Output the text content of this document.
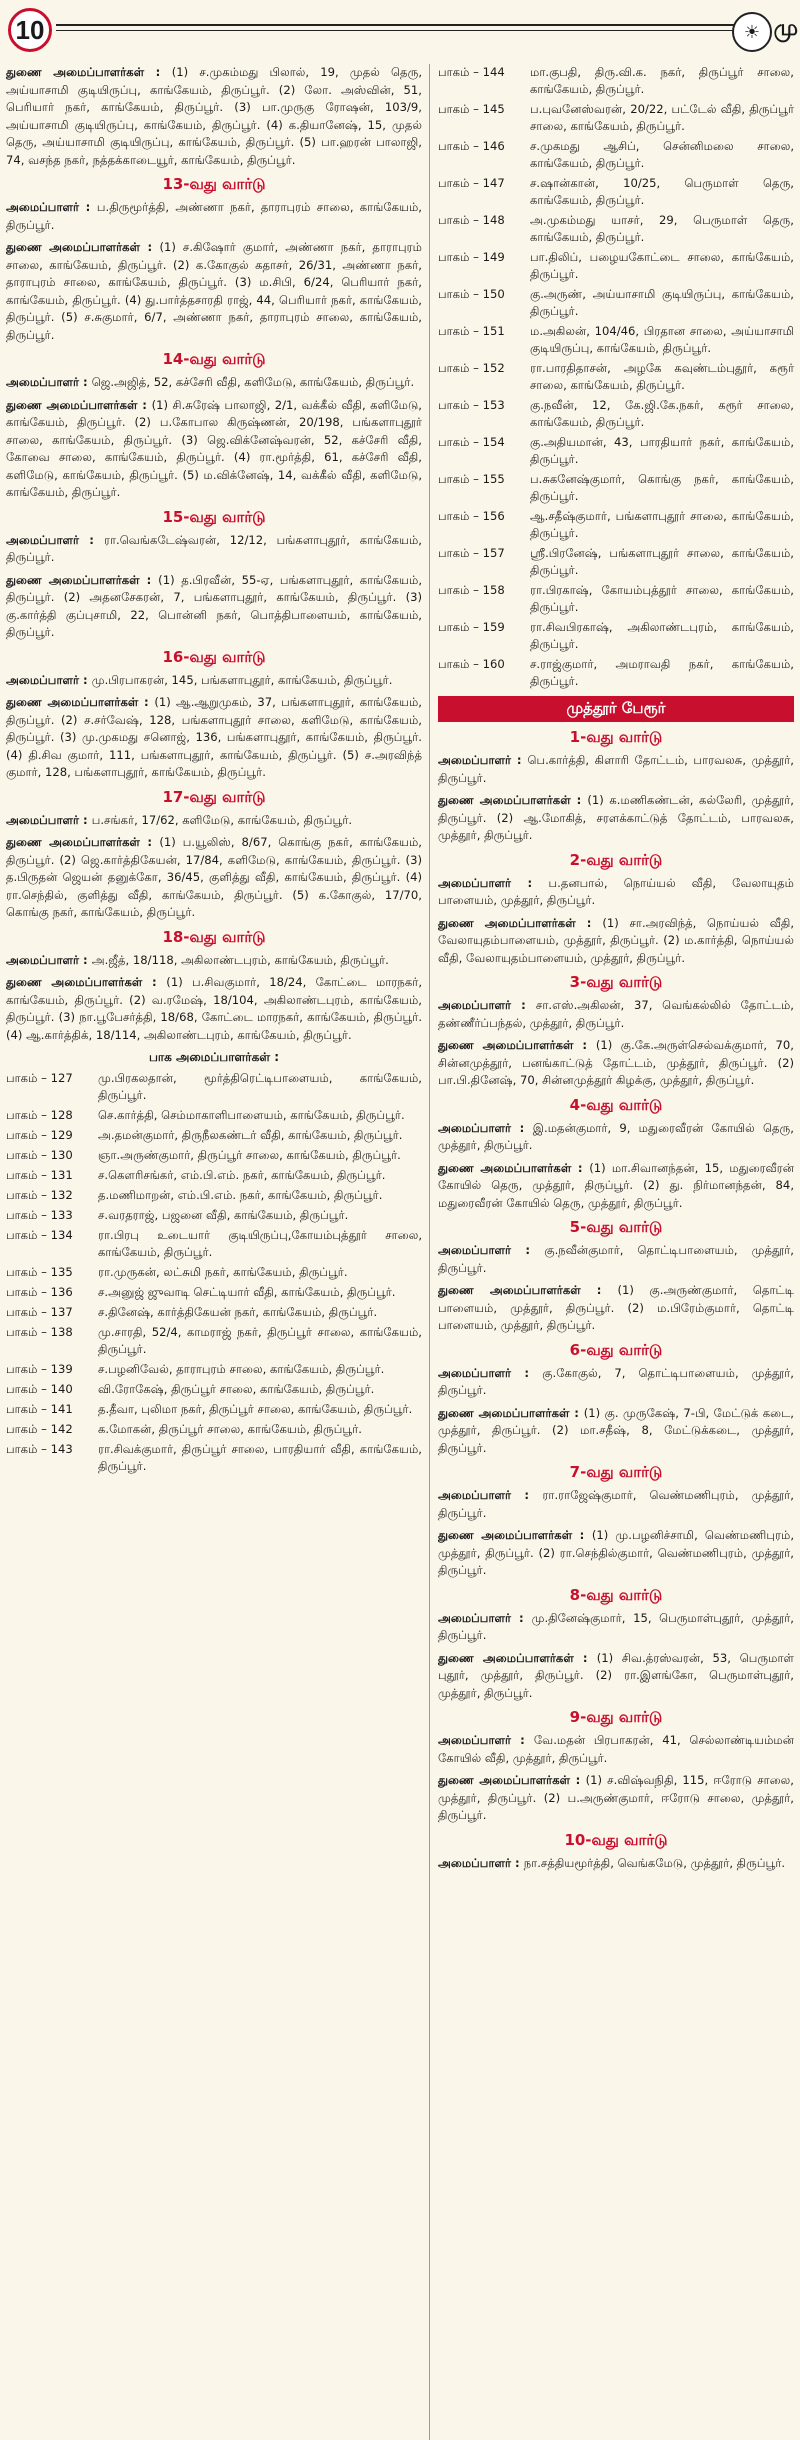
10	☀ மு

துணை அமைப்பாளர்கள் : (1) ச.முகம்மது பிலால், 19, முதல் தெரு, அய்யாசாமி குடியிருப்பு, காங்கேயம், திருப்பூர். (2) லோ. அஸ்வின், 51, பெரியார் நகர், காங்கேயம், திருப்பூர். (3) பா.முருகு ரோஷன், 103/9, அய்யாசாமி குடியிருப்பு, காங்கேயம், திருப்பூர். (4) க.தியானேஷ், 15, முதல் தெரு, அய்யாசாமி குடியிருப்பு, காங்கேயம், திருப்பூர். (5) பா.ஹரன் பாலாஜி, 74, வசந்த நகர், நத்தக்காடையூர், காங்கேயம், திருப்பூர்.

13-வது வார்டு

அமைப்பாளர் : ப.திருமூர்த்தி, அண்ணா நகர், தாராபுரம் சாலை, காங்கேயம், திருப்பூர்.

துணை அமைப்பாளர்கள் : (1) ச.கிஷோர் குமார், அண்ணா நகர், தாராபுரம் சாலை, காங்கேயம், திருப்பூர். (2) க.கோகுல் கதாசர், 26/31, அண்ணா நகர், தாராபுரம் சாலை, காங்கேயம், திருப்பூர். (3) ம.சிபி, 6/24, பெரியார் நகர், காங்கேயம், திருப்பூர். (4) து.பார்த்தசாரதி ராஜ், 44, பெரியார் நகர், காங்கேயம், திருப்பூர். (5) ச.சுகுமார், 6/7, அண்ணா நகர், தாராபுரம் சாலை, காங்கேயம், திருப்பூர்.

14-வது வார்டு

அமைப்பாளர் : ஜெ.அஜித், 52, கச்சேரி வீதி, களிமேடு, காங்கேயம், திருப்பூர்.

துணை அமைப்பாளர்கள் : (1) சி.சுரேஷ் பாலாஜி, 2/1, வக்கீல் வீதி, களிமேடு, காங்கேயம், திருப்பூர். (2) ப.கோபால கிருஷ்ணன், 20/198, பங்களாபுதூர் சாலை, காங்கேயம், திருப்பூர். (3) ஜெ.விக்னேஷ்வரன், 52, கச்சேரி வீதி, கோவை சாலை, காங்கேயம், திருப்பூர். (4) ரா.மூர்த்தி, 61, கச்சேரி வீதி, களிமேடு, காங்கேயம், திருப்பூர். (5) ம.விக்னேஷ், 14, வக்கீல் வீதி, களிமேடு, காங்கேயம், திருப்பூர்.

15-வது வார்டு

அமைப்பாளர் : ரா.வெங்கடேஷ்வரன், 12/12, பங்களாபுதூர், காங்கேயம், திருப்பூர்.

துணை அமைப்பாளர்கள் : (1) த.பிரவீன், 55-ஏ, பங்களாபுதூர், காங்கேயம், திருப்பூர். (2) அதனசேகரன், 7, பங்களாபுதூர், காங்கேயம், திருப்பூர். (3) கு.கார்த்தி குப்புசாமி, 22, பொன்னி நகர், பொத்திபாளையம், காங்கேயம், திருப்பூர்.

16-வது வார்டு

அமைப்பாளர் : மு.பிரபாகரன், 145, பங்களாபுதூர், காங்கேயம், திருப்பூர்.

துணை அமைப்பாளர்கள் : (1) ஆ.ஆறுமுகம், 37, பங்களாபுதூர், காங்கேயம், திருப்பூர். (2) ச.சர்வேஷ், 128, பங்களாபுதூர் சாலை, களிமேடு, காங்கேயம், திருப்பூர். (3) மு.முகமது சனொஜ், 136, பங்களாபுதூர், காங்கேயம், திருப்பூர். (4) தி.சிவ குமார், 111, பங்களாபுதூர், காங்கேயம், திருப்பூர். (5) ச.அரவிந்த் குமார், 128, பங்களாபுதூர், காங்கேயம், திருப்பூர்.

17-வது வார்டு

அமைப்பாளர் : ப.சங்கர், 17/62, களிமேடு, காங்கேயம், திருப்பூர்.

துணை அமைப்பாளர்கள் : (1) ப.யூலிஸ், 8/67, கொங்கு நகர், காங்கேயம், திருப்பூர். (2) ஜெ.கார்த்திகேயன், 17/84, களிமேடு, காங்கேயம், திருப்பூர். (3) த.பிருதன் ஜெயன் தனுக்கோ, 36/45, குளித்து வீதி, காங்கேயம், திருப்பூர். (4) ரா.செந்தில், குளித்து வீதி, காங்கேயம், திருப்பூர். (5) க.கோகுல், 17/70, கொங்கு நகர், காங்கேயம், திருப்பூர்.

18-வது வார்டு

அமைப்பாளர் : அ.ஜீத், 18/118, அகிலாண்டபுரம், காங்கேயம், திருப்பூர்.

துணை அமைப்பாளர்கள் : (1) ப.சிவகுமார், 18/24, கோட்டை மாரநகர், காங்கேயம், திருப்பூர். (2) வ.ரமேஷ், 18/104, அகிலாண்டபுரம், காங்கேயம், திருப்பூர். (3) நா.பூபேசர்த்தி, 18/68, கோட்டை மாரநகர், காங்கேயம், திருப்பூர். (4) ஆ.கார்த்திக், 18/114, அகிலாண்டபுரம், காங்கேயம், திருப்பூர்.

பாக அமைப்பாளர்கள் :
பாகம் – 127	மு.பிரகலதான், மூர்த்திரெட்டிபாளையம், காங்கேயம், திருப்பூர்.
பாகம் – 128	செ.கார்த்தி, செம்மாகாளிபாளையம், காங்கேயம், திருப்பூர்.
பாகம் – 129	அ.தமன்குமார், திருநீலகண்டர் வீதி, காங்கேயம், திருப்பூர்.
பாகம் – 130	ஞா.அருண்குமார், திருப்பூர் சாலை, காங்கேயம், திருப்பூர்.
பாகம் – 131	ச.கௌரிசங்கர், எம்.பி.எம். நகர், காங்கேயம், திருப்பூர்.
பாகம் – 132	த.மணிமாறன், எம்.பி.எம். நகர், காங்கேயம், திருப்பூர்.
பாகம் – 133	ச.வரதராஜ், பஜனை வீதி, காங்கேயம், திருப்பூர்.
பாகம் – 134	ரா.பிரபு உடையார் குடியிருப்பு,கோயம்புத்தூர் சாலை, காங்கேயம், திருப்பூர்.
பாகம் – 135	ரா.முருகன், லட்சுமி நகர், காங்கேயம், திருப்பூர்.
பாகம் – 136	ச.அனுஜ் ஜுவாடி செட்டியார் வீதி, காங்கேயம், திருப்பூர்.
பாகம் – 137	ச.தினேஷ், கார்த்திகேயன் நகர், காங்கேயம், திருப்பூர்.
பாகம் – 138	மு.சாரதி, 52/4, காமராஜ் நகர், திருப்பூர் சாலை, காங்கேயம், திருப்பூர்.
பாகம் – 139	ச.பழனிவேல், தாராபுரம் சாலை, காங்கேயம், திருப்பூர்.
பாகம் – 140	வி.ரோகேஷ், திருப்பூர் சாலை, காங்கேயம், திருப்பூர்.
பாகம் – 141	த.தீவா, புலிமா நகர், திருப்பூர் சாலை, காங்கேயம், திருப்பூர்.
பாகம் – 142	க.மோகன், திருப்பூர் சாலை, காங்கேயம், திருப்பூர்.
பாகம் – 143	ரா.சிவக்குமார், திருப்பூர் சாலை, பாரதியார் வீதி, காங்கேயம், திருப்பூர்.
பாகம் – 144	மா.குபதி, திரு.வி.க. நகர், திருப்பூர் சாலை, காங்கேயம், திருப்பூர்.
பாகம் – 145	ப.புவனேஸ்வரன், 20/22, பட்டேல் வீதி, திருப்பூர் சாலை, காங்கேயம், திருப்பூர்.
பாகம் – 146	ச.முகமது ஆசிப், சென்னிமலை சாலை, காங்கேயம், திருப்பூர்.
பாகம் – 147	ச.ஷான்கான், 10/25, பெருமாள் தெரு, காங்கேயம், திருப்பூர்.
பாகம் – 148	அ.முகம்மது யாசர், 29, பெருமாள் தெரு, காங்கேயம், திருப்பூர்.
பாகம் – 149	பா.திலிப், பழையகோட்டை சாலை, காங்கேயம், திருப்பூர்.
பாகம் – 150	கு.அருண், அய்யாசாமி குடியிருப்பு, காங்கேயம், திருப்பூர்.
பாகம் – 151	ம.அகிலன், 104/46, பிரதான சாலை, அய்யாசாமி குடியிருப்பு, காங்கேயம், திருப்பூர்.
பாகம் – 152	ரா.பாரதிதாசன், அழகே கவுண்டம்புதூர், கரூர் சாலை, காங்கேயம், திருப்பூர்.
பாகம் – 153	கு.நவீன், 12, கே.ஜி.கே.நகர், கரூர் சாலை, காங்கேயம், திருப்பூர்.
பாகம் – 154	கு.அதியமான், 43, பாரதியார் நகர், காங்கேயம், திருப்பூர்.
பாகம் – 155	ப.சுகனேஷ்குமார், கொங்கு நகர், காங்கேயம், திருப்பூர்.
பாகம் – 156	ஆ.சதீஷ்குமார், பங்களாபுதூர் சாலை, காங்கேயம், திருப்பூர்.
பாகம் – 157	ஸ்ரீ.பிரனேஷ், பங்களாபுதூர் சாலை, காங்கேயம், திருப்பூர்.
பாகம் – 158	ரா.பிரகாஷ், கோயம்புத்தூர் சாலை, காங்கேயம், திருப்பூர்.
பாகம் – 159	ரா.சிவபிரகாஷ், அகிலாண்டபுரம், காங்கேயம், திருப்பூர்.
பாகம் – 160	ச.ராஜ்குமார், அமராவதி நகர், காங்கேயம், திருப்பூர்.
முத்தூர் பேரூர்
1-வது வார்டு

அமைப்பாளர் : பெ.கார்த்தி, கிளாரி தோட்டம், பாரவலசு, முத்தூர், திருப்பூர்.

துணை அமைப்பாளர்கள் : (1) க.மணிகண்டன், கல்லேரி, முத்தூர், திருப்பூர். (2) ஆ.மோகித், சரளக்காட்டுத் தோட்டம், பாரவலசு, முத்தூர், திருப்பூர்.

2-வது வார்டு

அமைப்பாளர் : ப.தனபால், நொய்யல் வீதி, வேலாயுதம் பாளையம், முத்தூர், திருப்பூர்.

துணை அமைப்பாளர்கள் : (1) சா.அரவிந்த், நொய்யல் வீதி, வேலாயுதம்பாளையம், முத்தூர், திருப்பூர். (2) ம.கார்த்தி, நொய்யல் வீதி, வேலாயுதம்பாளையம், முத்தூர், திருப்பூர்.

3-வது வார்டு

அமைப்பாளர் : சா.எஸ்.அகிலன், 37, வெங்கல்லில் தோட்டம், தண்ணீர்ப்பந்தல், முத்தூர், திருப்பூர்.

துணை அமைப்பாளர்கள் : (1) கு.கே.அருள்செல்வக்குமார், 70, சின்னமுத்தூர், பனங்காட்டுத் தோட்டம், முத்தூர், திருப்பூர். (2) பா.பி.தினேஷ், 70, சின்னமுத்தூர் கிழக்கு, முத்தூர், திருப்பூர்.

4-வது வார்டு

அமைப்பாளர் : இ.மதன்குமார், 9, மதுரைவீரன் கோயில் தெரு, முத்தூர், திருப்பூர்.

துணை அமைப்பாளர்கள் : (1) மா.சிவானந்தன், 15, மதுரைவீரன் கோயில் தெரு, முத்தூர், திருப்பூர். (2) து. நிர்மானந்தன், 84, மதுரைவீரன் கோயில் தெரு, முத்தூர், திருப்பூர்.

5-வது வார்டு

அமைப்பாளர் : கு.நவீன்குமார், தொட்டிபாளையம், முத்தூர், திருப்பூர்.

துணை அமைப்பாளர்கள் : (1) கு.அருண்குமார், தொட்டி பாளையம், முத்தூர், திருப்பூர். (2) ம.பிரேம்குமார், தொட்டி பாளையம், முத்தூர், திருப்பூர்.

6-வது வார்டு

அமைப்பாளர் : கு.கோகுல், 7, தொட்டிபாளையம், முத்தூர், திருப்பூர்.

துணை அமைப்பாளர்கள் : (1) கு. முருகேஷ், 7-பி, மேட்டுக் கடை, முத்தூர், திருப்பூர். (2) மா.சதீஷ், 8, மேட்டுக்கடை, முத்தூர், திருப்பூர்.

7-வது வார்டு

அமைப்பாளர் : ரா.ராஜேஷ்குமார், வெண்மணிபுரம், முத்தூர், திருப்பூர்.

துணை அமைப்பாளர்கள் : (1) மு.பழனிச்சாமி, வெண்மணிபுரம், முத்தூர், திருப்பூர். (2) ரா.செந்தில்குமார், வெண்மணிபுரம், முத்தூர், திருப்பூர்.

8-வது வார்டு

அமைப்பாளர் : மு.தினேஷ்குமார், 15, பெருமாள்புதூர், முத்தூர், திருப்பூர்.

துணை அமைப்பாளர்கள் : (1) சிவ.த்ரஸ்வரன், 53, பெருமாள் புதூர், முத்தூர், திருப்பூர். (2) ரா.இளங்கோ, பெருமாள்புதூர், முத்தூர், திருப்பூர்.

9-வது வார்டு

அமைப்பாளர் : வே.மதன் பிரபாகரன், 41, செல்லாண்டியம்மன் கோயில் வீதி, முத்தூர், திருப்பூர்.

துணை அமைப்பாளர்கள் : (1) ச.விஷ்வநிதி, 115, ஈரோடு சாலை, முத்தூர், திருப்பூர். (2) ப.அருண்குமார், ஈரோடு சாலை, முத்தூர், திருப்பூர்.

10-வது வார்டு

அமைப்பாளர் : நா.சத்தியமூர்த்தி, வெங்கமேடு, முத்தூர், திருப்பூர்.
